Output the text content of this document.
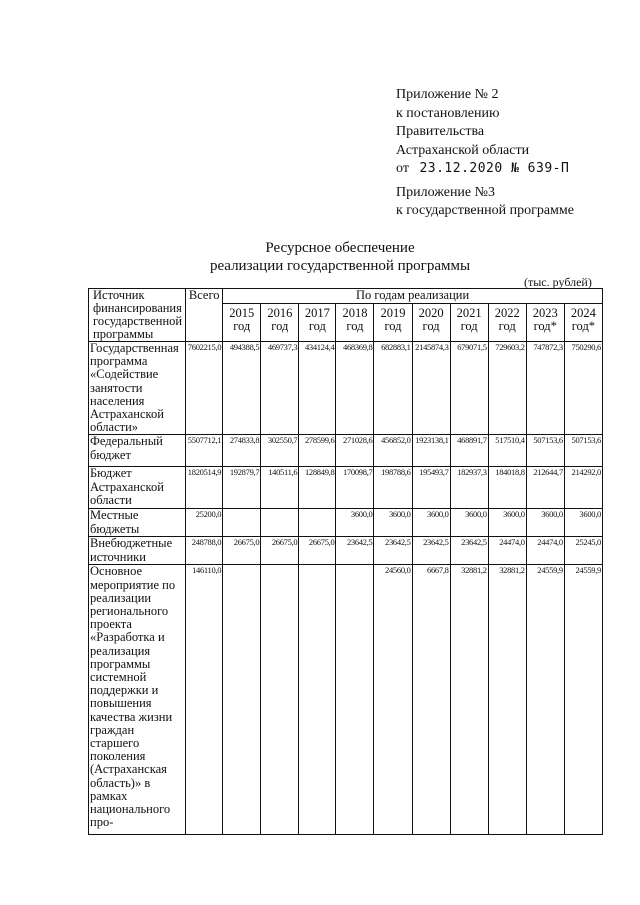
Приложение № 2
к постановлению
Правительства
Астраханской области
от 23.12.2020 № 639-П
Приложение №3
к государственной программе
Ресурсное обеспечение
реализации государственной программы
(тыс. рублей)
Источник финансирования государственной программы	Всего	По годам реализации									
		2015 год	2016 год	2017 год	2018 год	2019 год	2020 год	2021 год	2022 год	2023 год*	2024 год*
Государственная программа «Содействие занятости населения Астраханской области»	7602215,0	494388,5	469737,3	434124,4	468369,8	682883,1	2145874,3	679071,5	729603,2	747872,3	750290,6
Федеральный бюджет	5507712,1	274833,8	302550,7	278599,6	271028,6	456852,0	1923138,1	468891,7	517510,4	507153,6	507153,6
Бюджет Астраханской области	1820514,9	192879,7	140511,6	128849,8	170098,7	198788,6	195493,7	182937,3	184018,8	212644,7	214292,0
Местные бюджеты	25200,0				3600,0	3600,0	3600,0	3600,0	3600,0	3600,0	3600,0
Внебюджетные источники	248788,0	26675,0	26675,0	26675,0	23642,5	23642,5	23642,5	23642,5	24474,0	24474,0	25245,0
Основное мероприятие по реализации регионального проекта «Разработка и реализация программы системной поддержки и повышения качества жизни граждан старшего поколения (Астраханская область)» в рамках национального про-	146110,0					24560,0	6667,8	32881,2	32881,2	24559,9	24559,9
